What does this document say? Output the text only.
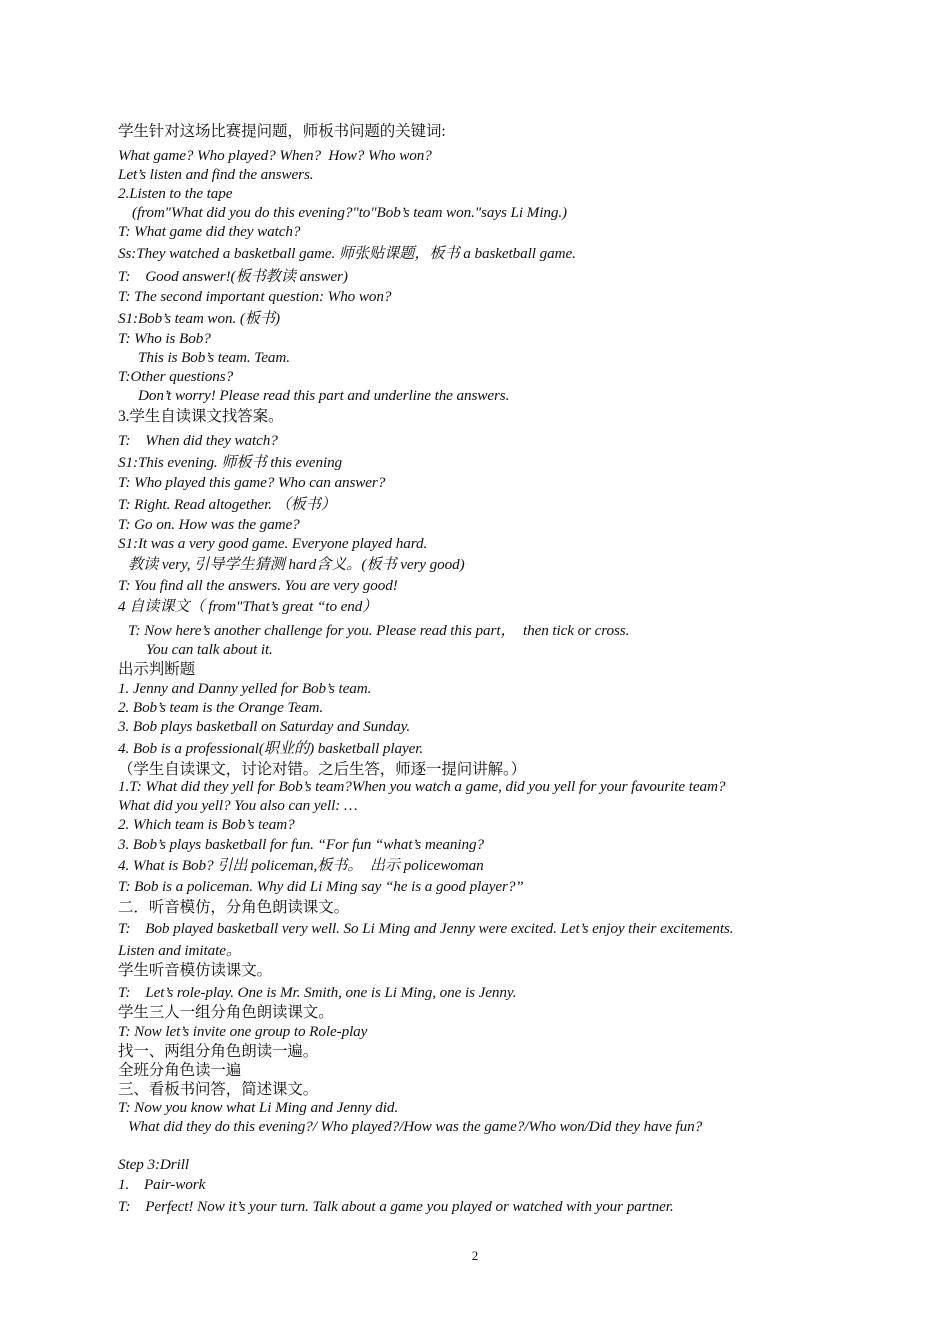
学生针对这场比赛提问题，师板书问题的关键词:
What game? Who played? When?  How? Who won?
Let’s listen and find the answers.
2.Listen to the tape
(from"What did you do this evening?"to"Bob’s team won."says Li Ming.)
T: What game did they watch?
Ss:They watched a basketball game. 师张贴课题，板书 a basketball game.
T:    Good answer!(板书教读 answer)
T: The second important question: Who won?
S1:Bob’s team won. (板书)
T: Who is Bob?
This is Bob’s team. Team.
T:Other questions?
Don’t worry! Please read this part and underline the answers.
3.学生自读课文找答案。
T:    When did they watch?
S1:This evening. 师板书 this evening
T: Who played this game? Who can answer?
T: Right. Read altogether. （板书）
T: Go on. How was the game?
S1:It was a very good game. Everyone played hard.
教读 very, 引导学生猜测 hard含义。(板书 very good)
T: You find all the answers. You are very good!
4 自读课文（ from"That’s great “to end）
T: Now here’s another challenge for you. Please read this part，  then tick or cross.
You can talk about it.
出示判断题
1. Jenny and Danny yelled for Bob’s team.
2. Bob’s team is the Orange Team.
3. Bob plays basketball on Saturday and Sunday.
4. Bob is a professional(职业的) basketball player.
（学生自读课文，讨论对错。之后生答，师逐一提问讲解。）
1.T: What did they yell for Bob’s team?When you watch a game, did you yell for your favourite team?
What did you yell? You also can yell: …
2. Which team is Bob’s team?
3. Bob’s plays basketball for fun. “For fun “what’s meaning?
4. What is Bob? 引出 policeman,板书。  出示 policewoman
T: Bob is a policeman. Why did Li Ming say “he is a good player?”
二．听音模仿，分角色朗读课文。
T:    Bob played basketball very well. So Li Ming and Jenny were excited. Let’s enjoy their excitements.
Listen and imitate。
学生听音模仿读课文。
T:    Let’s role-play. One is Mr. Smith, one is Li Ming, one is Jenny.
学生三人一组分角色朗读课文。
T: Now let’s invite one group to Role-play
找一、两组分角色朗读一遍。
全班分角色读一遍
三、看板书问答，简述课文。
T: Now you know what Li Ming and Jenny did.
What did they do this evening?/ Who played?/How was the game?/Who won/Did they have fun?
Step 3:Drill
1.    Pair-work
T:    Perfect! Now it’s your turn. Talk about a game you played or watched with your partner.
2
